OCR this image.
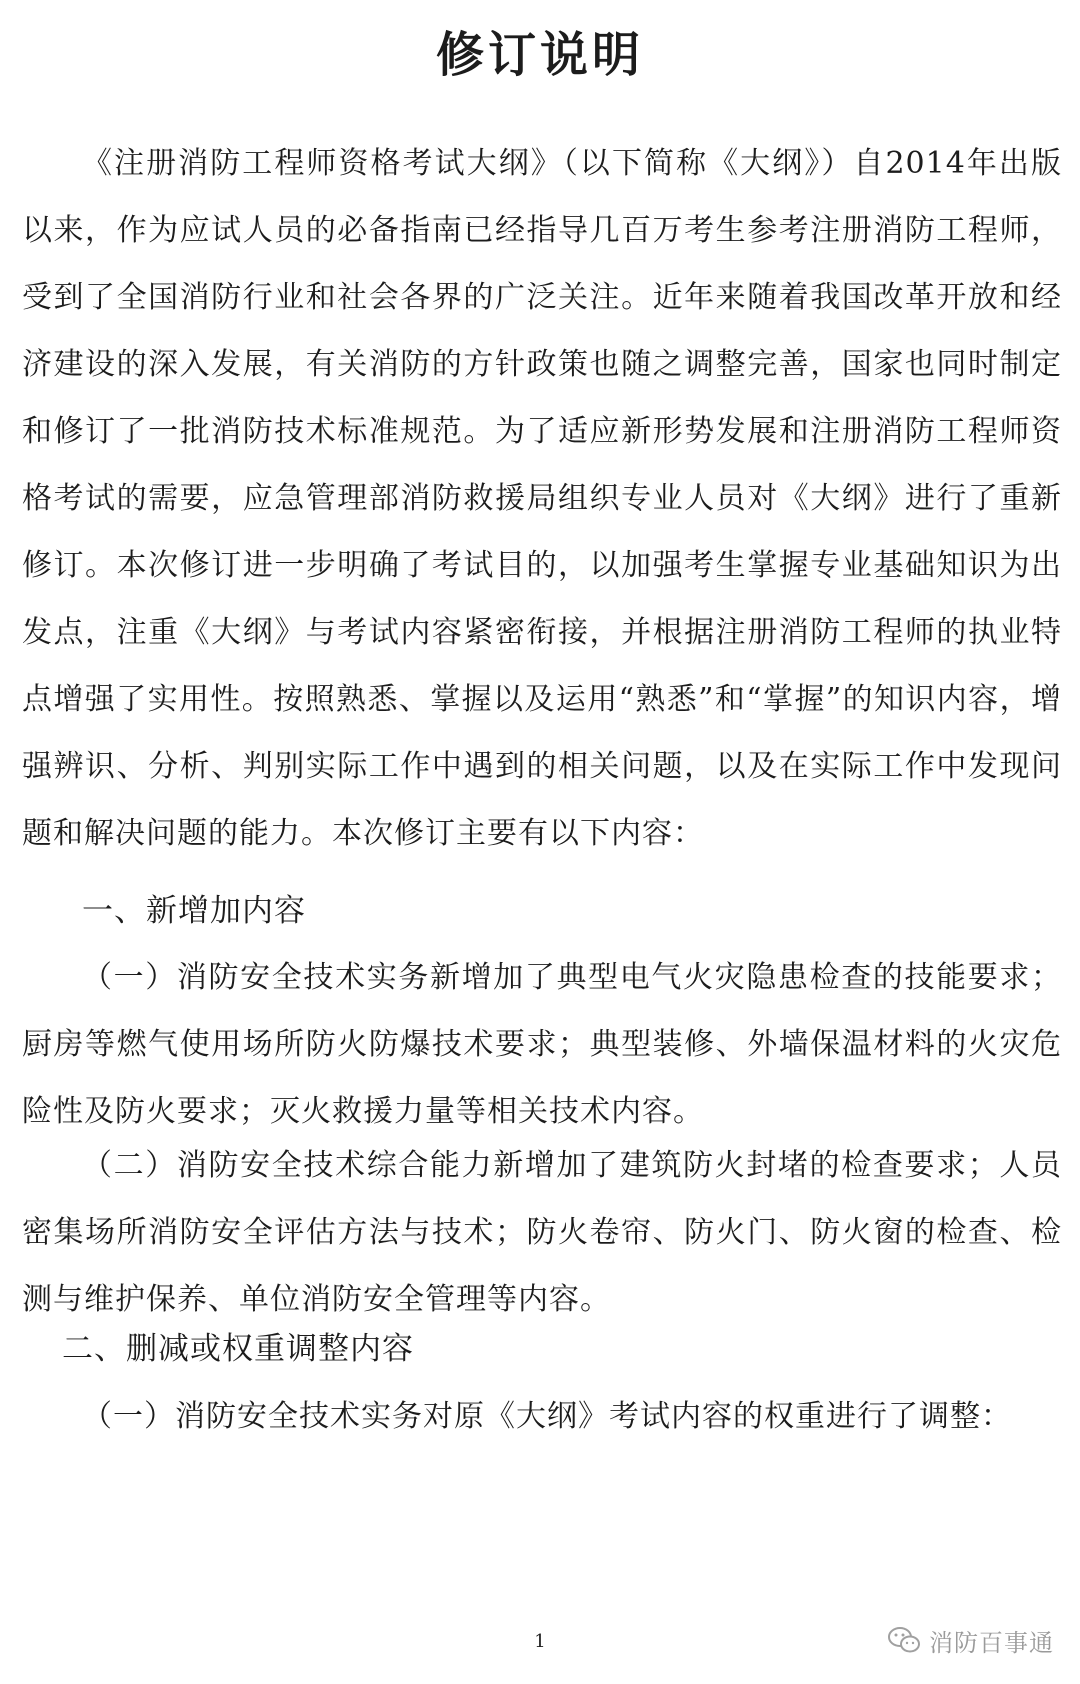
修订说明

《注册消防工程师资格考试大纲》（以下简称《大纲》）自2014年出版以来，作为应试人员的必备指南已经指导几百万考生参考注册消防工程师，受到了全国消防行业和社会各界的广泛关注。近年来随着我国改革开放和经济建设的深入发展，有关消防的方针政策也随之调整完善，国家也同时制定和修订了一批消防技术标准规范。为了适应新形势发展和注册消防工程师资格考试的需要，应急管理部消防救援局组织专业人员对《大纲》进行了重新修订。本次修订进一步明确了考试目的，以加强考生掌握专业基础知识为出发点，注重《大纲》与考试内容紧密衔接，并根据注册消防工程师的执业特点增强了实用性。按照熟悉、掌握以及运用“熟悉”和“掌握”的知识内容，增强辨识、分析、判别实际工作中遇到的相关问题，以及在实际工作中发现问题和解决问题的能力。本次修订主要有以下内容：

一、新增加内容

（一）消防安全技术实务新增加了典型电气火灾隐患检查的技能要求；厨房等燃气使用场所防火防爆技术要求；典型装修、外墙保温材料的火灾危险性及防火要求；灭火救援力量等相关技术内容。

（二）消防安全技术综合能力新增加了建筑防火封堵的检查要求；人员密集场所消防安全评估方法与技术；防火卷帘、防火门、防火窗的检查、检测与维护保养、单位消防安全管理等内容。

二、删减或权重调整内容

（一）消防安全技术实务对原《大纲》考试内容的权重进行了调整：

1	消防百事通
